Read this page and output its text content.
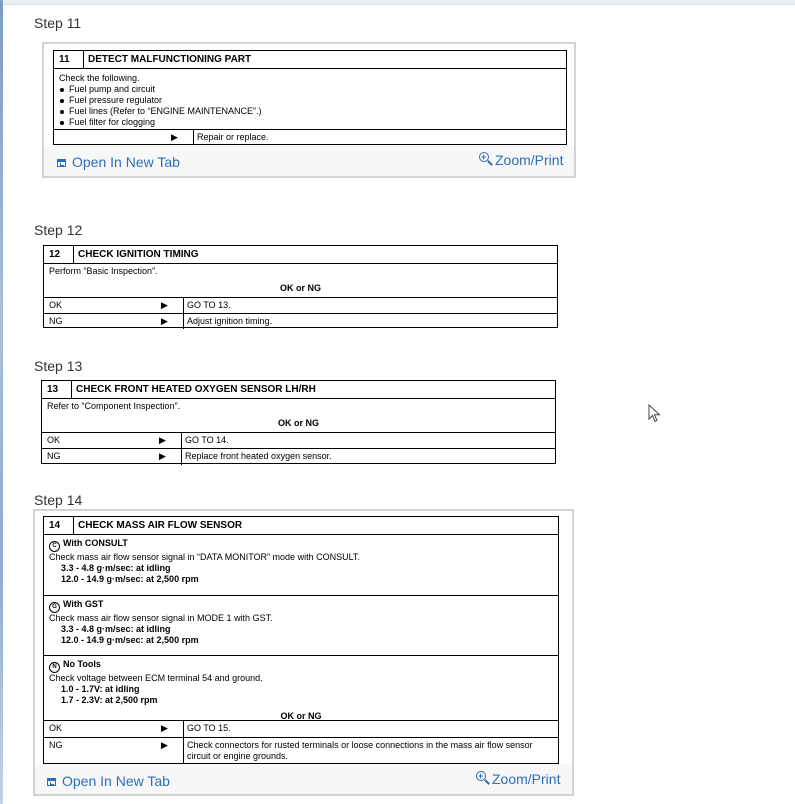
Step 11
11	DETECT MALFUNCTIONING PART
Check the following.
Fuel pump and circuit
Fuel pressure regulator
Fuel lines (Refer to “ENGINE MAINTENANCE”.)
Fuel filter for clogging
▶	Repair or replace.
Open In New Tab	+ Zoom/Print
Step 12
12	CHECK IGNITION TIMING
Perform “Basic Inspection”.
OK or NG
OK	▶	GO TO 13.
NG	▶	Adjust ignition timing.
Step 13
13	CHECK FRONT HEATED OXYGEN SENSOR LH/RH
Refer to “Component Inspection”.
OK or NG
OK	▶	GO TO 14.
NG	▶	Replace front heated oxygen sensor.
Step 14
14	CHECK MASS AIR FLOW SENSOR
C With CONSULT
Check mass air flow sensor signal in “DATA MONITOR” mode with CONSULT.
3.3 - 4.8 g·m/sec: at idling
12.0 - 14.9 g·m/sec: at 2,500 rpm
G With GST
Check mass air flow sensor signal in MODE 1 with GST.
3.3 - 4.8 g·m/sec: at idling
12.0 - 14.9 g·m/sec: at 2,500 rpm
N No Tools
Check voltage between ECM terminal 54 and ground.
1.0 - 1.7V: at idling
1.7 - 2.3V: at 2,500 rpm
OK or NG
OK	▶	GO TO 15.
NG	▶	Check connectors for rusted terminals or loose connections in the mass air flow sensor circuit or engine grounds.
Open In New Tab	+ Zoom/Print
